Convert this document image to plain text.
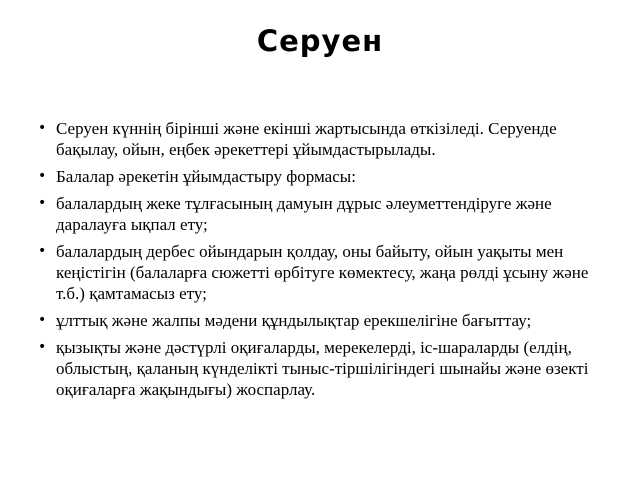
Серуен
• Серуен күннің бірінші және екінші жартысында өткізіледі. Серуенде бақылау, ойын, еңбек әрекеттері ұйымдастырылады.
• Балалар әрекетін ұйымдастыру формасы:
• балалардың жеке тұлғасының дамуын дұрыс әлеуметтендіруге және даралауға ықпал ету;
• балалардың дербес ойындарын қолдау, оны байыту, ойын уақыты мен кеңістігін (балаларға сюжетті өрбітуге көмектесу, жаңа рөлді ұсыну және т.б.) қамтамасыз ету;
• ұлттық және жалпы мәдени құндылықтар ерекшелігіне бағыттау;
• қызықты және дәстүрлі оқиғаларды, мерекелерді, іс-шараларды (елдің, облыстың, қаланың күнделікті тыныс-тіршілігіндегі шынайы және өзекті оқиғаларға жақындығы) жоспарлау.
